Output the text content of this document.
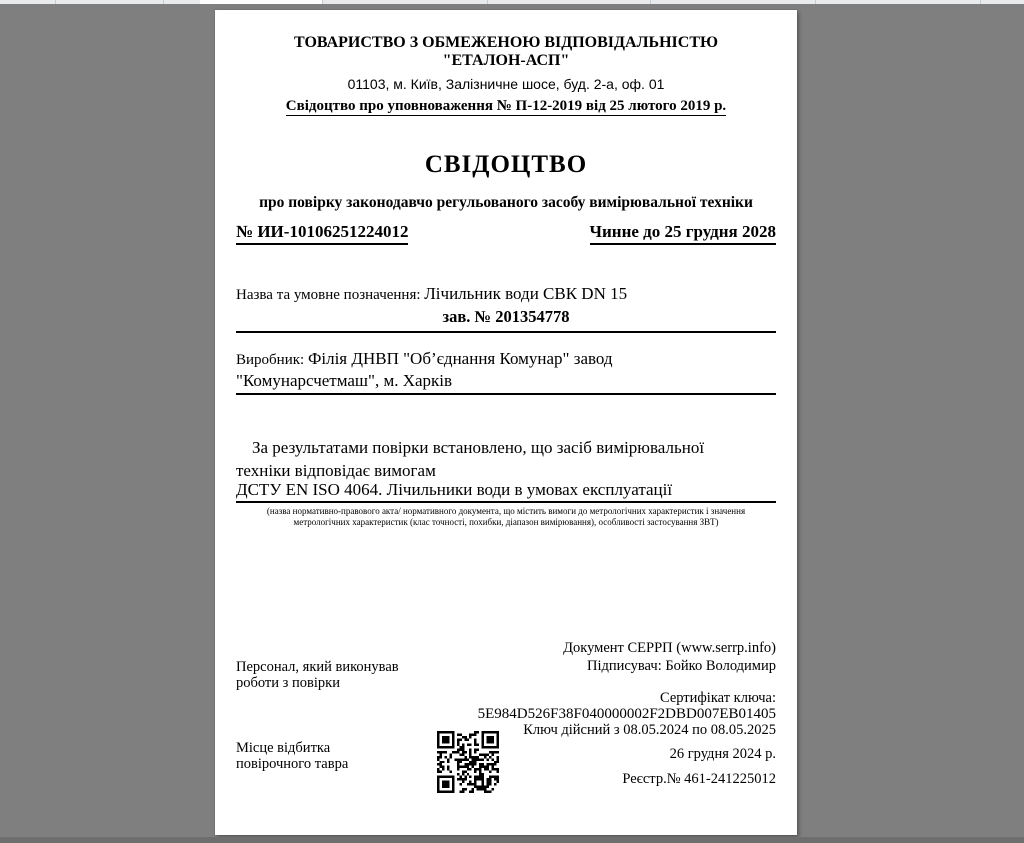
ТОВАРИСТВО З ОБМЕЖЕНОЮ ВІДПОВІДАЛЬНІСТЮ
"ЕТАЛОН-АСП"
01103, м. Київ, Залізничне шосе, буд. 2-а, оф. 01
Свідоцтво про уповноваження № П-12-2019 від 25 лютого 2019 р.
СВІДОЦТВО
про повірку законодавчо регульованого засобу вимірювальної техніки
№ ИИ-10106251224012	Чинне до 25 грудня 2028
Назва та умовне позначення: Лічильник води СВК DN 15
зав. № 201354778
Виробник: Філія ДНВП "Об’єднання Комунар" завод
"Комунарсчетмаш", м. Харків
За результатами повірки встановлено, що засіб вимірювальної
техніки відповідає вимогам
ДСТУ EN ISO 4064. Лічильники води в умовах експлуатації
(назва нормативно-правового акта/ нормативного документа, що містить вимоги до метрологічних характеристик і значення метрологічних характеристик (клас точності, похибки, діапазон вимірювання), особливості застосування ЗВТ)
Документ СЕРРП (www.serrp.info)
Підписувач: Бойко Володимир
Персонал, який виконував
роботи з повірки
Сертифікат ключа:
5E984D526F38F040000002F2DBD007EB01405
Ключ дійсний з 08.05.2024 по 08.05.2025
Місце відбитка
повірочного тавра
26 грудня 2024 р.
Реєстр.№ 461-241225012
